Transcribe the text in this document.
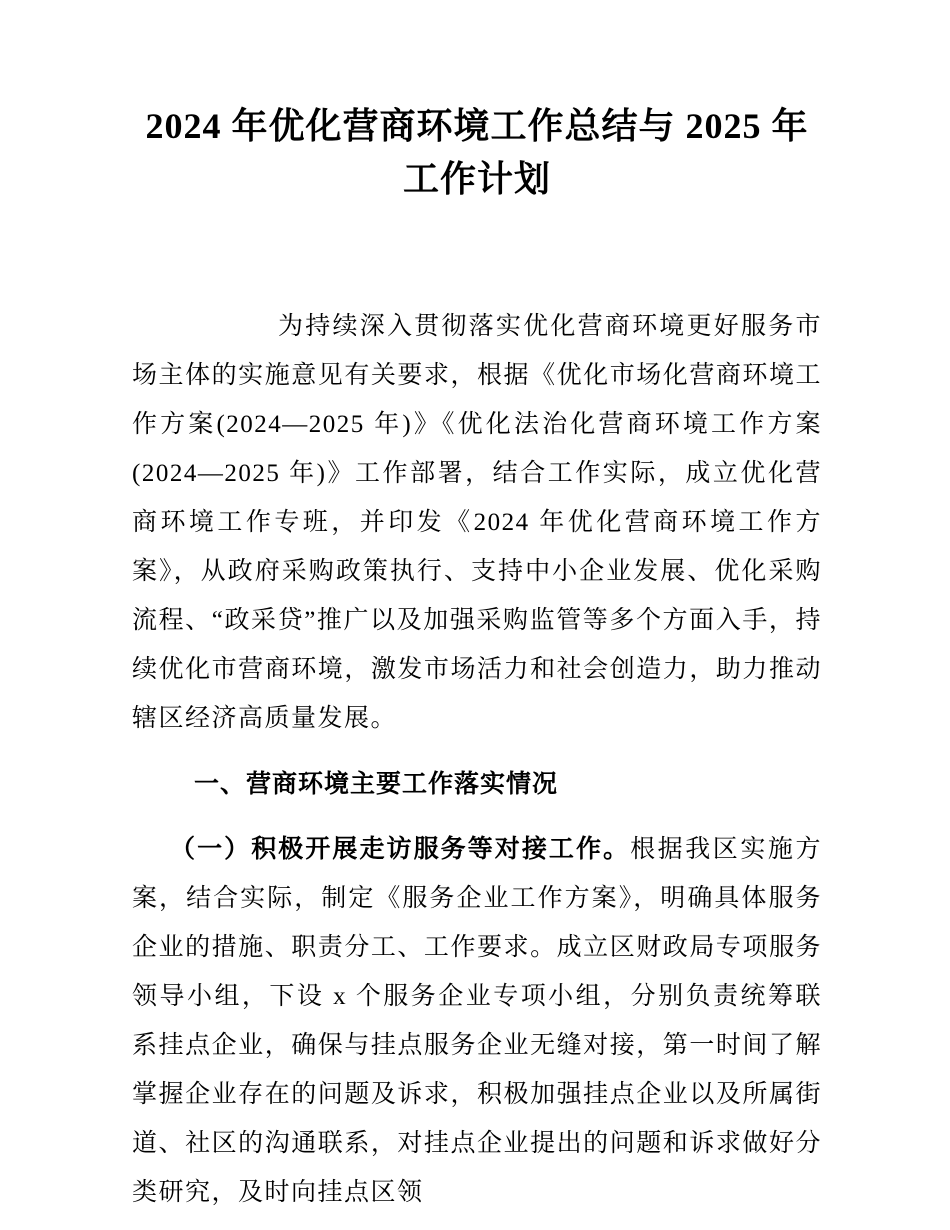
2024 年优化营商环境工作总结与 2025 年工作计划

为持续深入贯彻落实优化营商环境更好服务市场主体的实施意见有关要求，根据《优化市场化营商环境工作方案(2024—2025 年)》《优化法治化营商环境工作方案(2024—2025 年)》工作部署，结合工作实际，成立优化营商环境工作专班，并印发《2024 年优化营商环境工作方案》，从政府采购政策执行、支持中小企业发展、优化采购流程、“政采贷”推广以及加强采购监管等多个方面入手，持续优化市营商环境，激发市场活力和社会创造力，助力推动辖区经济高质量发展。

一、营商环境主要工作落实情况

（一）积极开展走访服务等对接工作。根据我区实施方案，结合实际，制定《服务企业工作方案》，明确具体服务企业的措施、职责分工、工作要求。成立区财政局专项服务领导小组，下设 x 个服务企业专项小组，分别负责统筹联系挂点企业，确保与挂点服务企业无缝对接，第一时间了解掌握企业存在的问题及诉求，积极加强挂点企业以及所属街道、社区的沟通联系，对挂点企业提出的问题和诉求做好分类研究，及时向挂点区领
